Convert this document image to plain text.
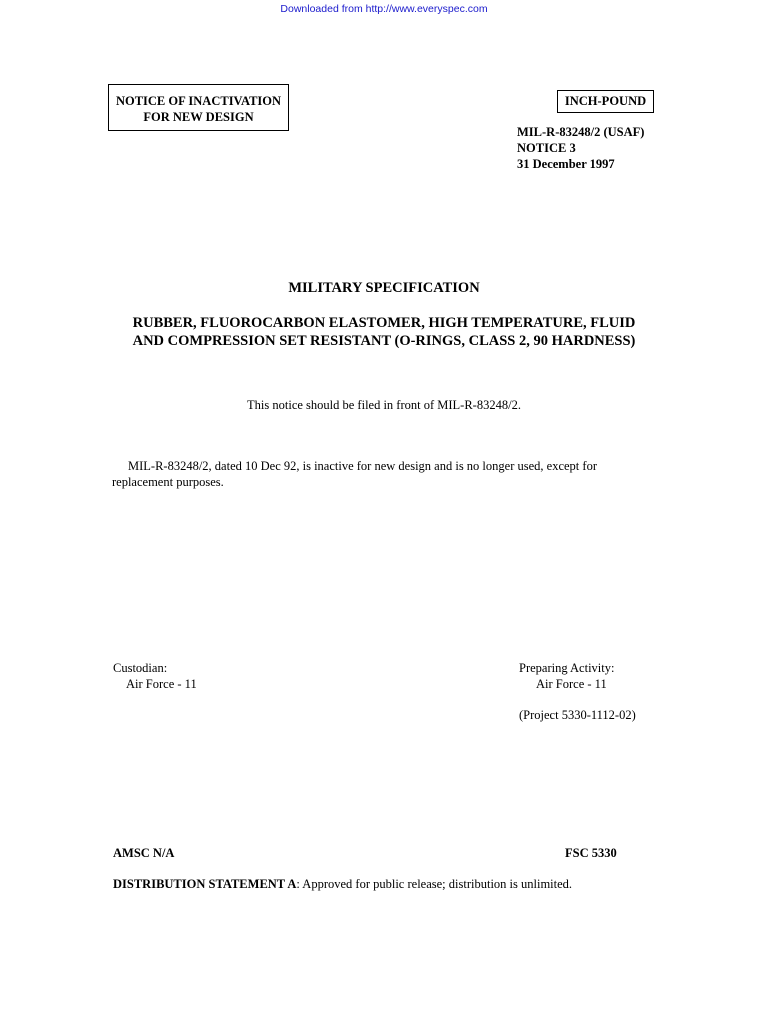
Downloaded from http://www.everyspec.com
NOTICE OF INACTIVATION
FOR NEW DESIGN
INCH-POUND
MIL-R-83248/2 (USAF)
NOTICE 3
31 December 1997
MILITARY SPECIFICATION
RUBBER, FLUOROCARBON ELASTOMER, HIGH TEMPERATURE, FLUID
AND COMPRESSION SET RESISTANT (O-RINGS, CLASS 2, 90 HARDNESS)
This notice should be filed in front of MIL-R-83248/2.
MIL-R-83248/2, dated 10 Dec 92, is inactive for new design and is no longer used, except for
replacement purposes.
Custodian:
Air Force - 11
Preparing Activity:
Air Force - 11
(Project 5330-1112-02)
AMSC N/A	FSC 5330
DISTRIBUTION STATEMENT A: Approved for public release; distribution is unlimited.
